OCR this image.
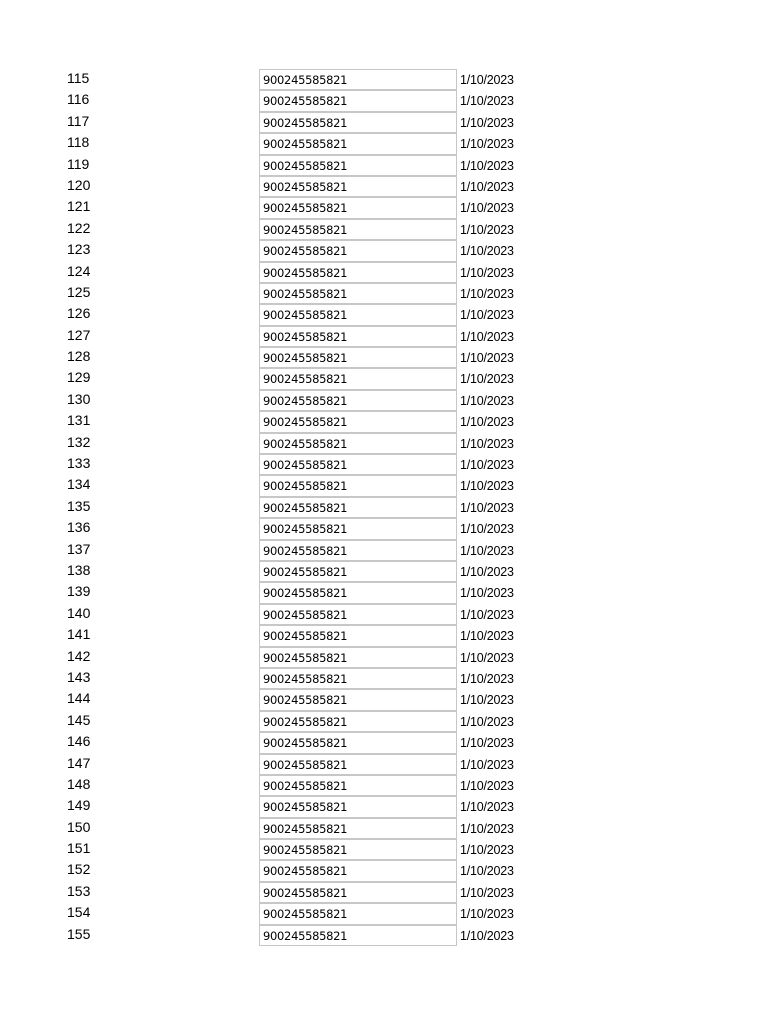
115	900245585821	1/10/2023
116	900245585821	1/10/2023
117	900245585821	1/10/2023
118	900245585821	1/10/2023
119	900245585821	1/10/2023
120	900245585821	1/10/2023
121	900245585821	1/10/2023
122	900245585821	1/10/2023
123	900245585821	1/10/2023
124	900245585821	1/10/2023
125	900245585821	1/10/2023
126	900245585821	1/10/2023
127	900245585821	1/10/2023
128	900245585821	1/10/2023
129	900245585821	1/10/2023
130	900245585821	1/10/2023
131	900245585821	1/10/2023
132	900245585821	1/10/2023
133	900245585821	1/10/2023
134	900245585821	1/10/2023
135	900245585821	1/10/2023
136	900245585821	1/10/2023
137	900245585821	1/10/2023
138	900245585821	1/10/2023
139	900245585821	1/10/2023
140	900245585821	1/10/2023
141	900245585821	1/10/2023
142	900245585821	1/10/2023
143	900245585821	1/10/2023
144	900245585821	1/10/2023
145	900245585821	1/10/2023
146	900245585821	1/10/2023
147	900245585821	1/10/2023
148	900245585821	1/10/2023
149	900245585821	1/10/2023
150	900245585821	1/10/2023
151	900245585821	1/10/2023
152	900245585821	1/10/2023
153	900245585821	1/10/2023
154	900245585821	1/10/2023
155	900245585821	1/10/2023
